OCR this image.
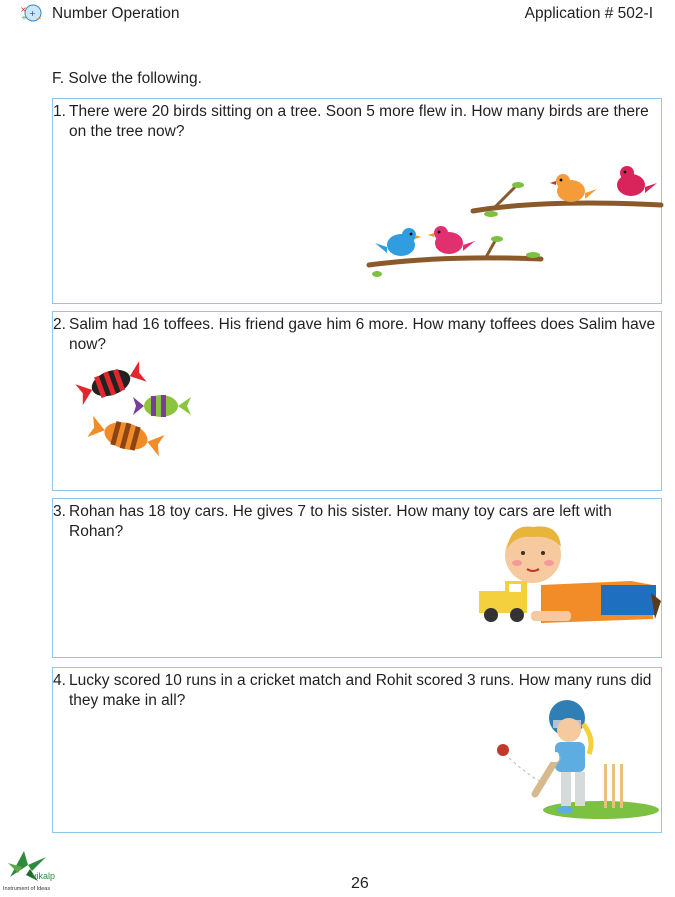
×
÷ +
− Number Operation	Application # 502-I
F. Solve the following.
1. There were 20 birds sitting on a tree. Soon 5 more flew in. How many birds are there on the tree now?
2. Salim had 16 toffees. His friend gave him 6 more. How many toffees does Salim have now?
3. Rohan has 18 toy cars. He gives 7 to his sister. How many toy cars are left with Rohan?
4. Lucky scored 10 runs in a cricket match and Rohit scored 3 runs. How many runs did they make in all?
vikalp
Instrument of Ideas	26
